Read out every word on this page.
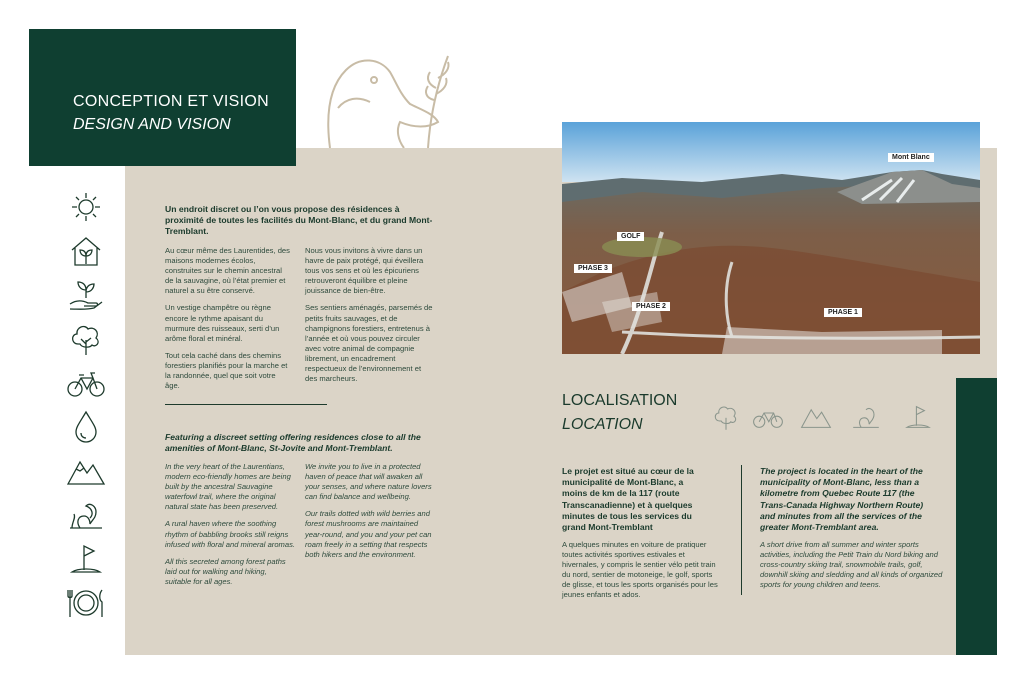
CONCEPTION ET VISION
DESIGN AND VISION
Un endroit discret ou l’on vous propose des résidences à proximité de toutes les facilités du Mont-Blanc, et du grand Mont-Tremblant.

Au cœur même des Laurentides, des maisons modernes écolos, construites sur le chemin ancestral de la sauvagine, où l’état premier et naturel a su être conservé.

Un vestige champêtre ou règne encore le rythme apaisant du murmure des ruisseaux, serti d’un arôme floral et minéral.

Tout cela caché dans des chemins forestiers planifiés pour la marche et la randonnée, quel que soit votre âge.

Nous vous invitons à vivre dans un havre de paix protégé, qui éveillera tous vos sens et où les épicuriens retrouveront équilibre et pleine jouissance de bien-être.

Ses sentiers aménagés, parsemés de petits fruits sauvages, et de champignons forestiers, entretenus à l’année et où vous pouvez circuler avec votre animal de compagnie librement, un encadrement respectueux de l’environnement et des marcheurs.

Featuring a discreet setting offering residences close to all the amenities of Mont-Blanc, St-Jovite and Mont-Tremblant.

In the very heart of the Laurentians, modern eco-friendly homes are being built by the ancestral Sauvagine waterfowl trail, where the original natural state has been preserved.

A rural haven where the soothing rhythm of babbling brooks still reigns infused with floral and mineral aromas.

All this secreted among forest paths laid out for walking and hiking, suitable for all ages.

We invite you to live in a protected haven of peace that will awaken all your senses, and where nature lovers can find balance and wellbeing.

Our trails dotted with wild berries and forest mushrooms are maintained year-round, and you and your pet can roam freely in a setting that respects both hikers and the environment.

Mont Blanc
GOLF
PHASE 3
PHASE 2
PHASE 1
LOCALISATION
LOCATION
Le projet est situé au cœur de la municipalité de Mont-Blanc, a moins de km de la 117 (route Transcanadienne) et à quelques minutes de tous les services du grand Mont-Tremblant
A quelques minutes en voiture de pratiquer toutes activités sportives estivales et hivernales, y compris le sentier vélo petit train du nord, sentier de motoneige, le golf, sports de glisse, et tous les sports organisés pour les jeunes enfants et ados.
The project is located in the heart of the municipality of Mont-Blanc, less than a kilometre from Quebec Route 117 (the Trans-Canada Highway Northern Route) and minutes from all the services of the greater Mont-Tremblant area.
A short drive from all summer and winter sports activities, including the Petit Train du Nord biking and cross-country skiing trail, snowmobile trails, golf, downhill skiing and sledding and all kinds of organized sports for young children and teens.
